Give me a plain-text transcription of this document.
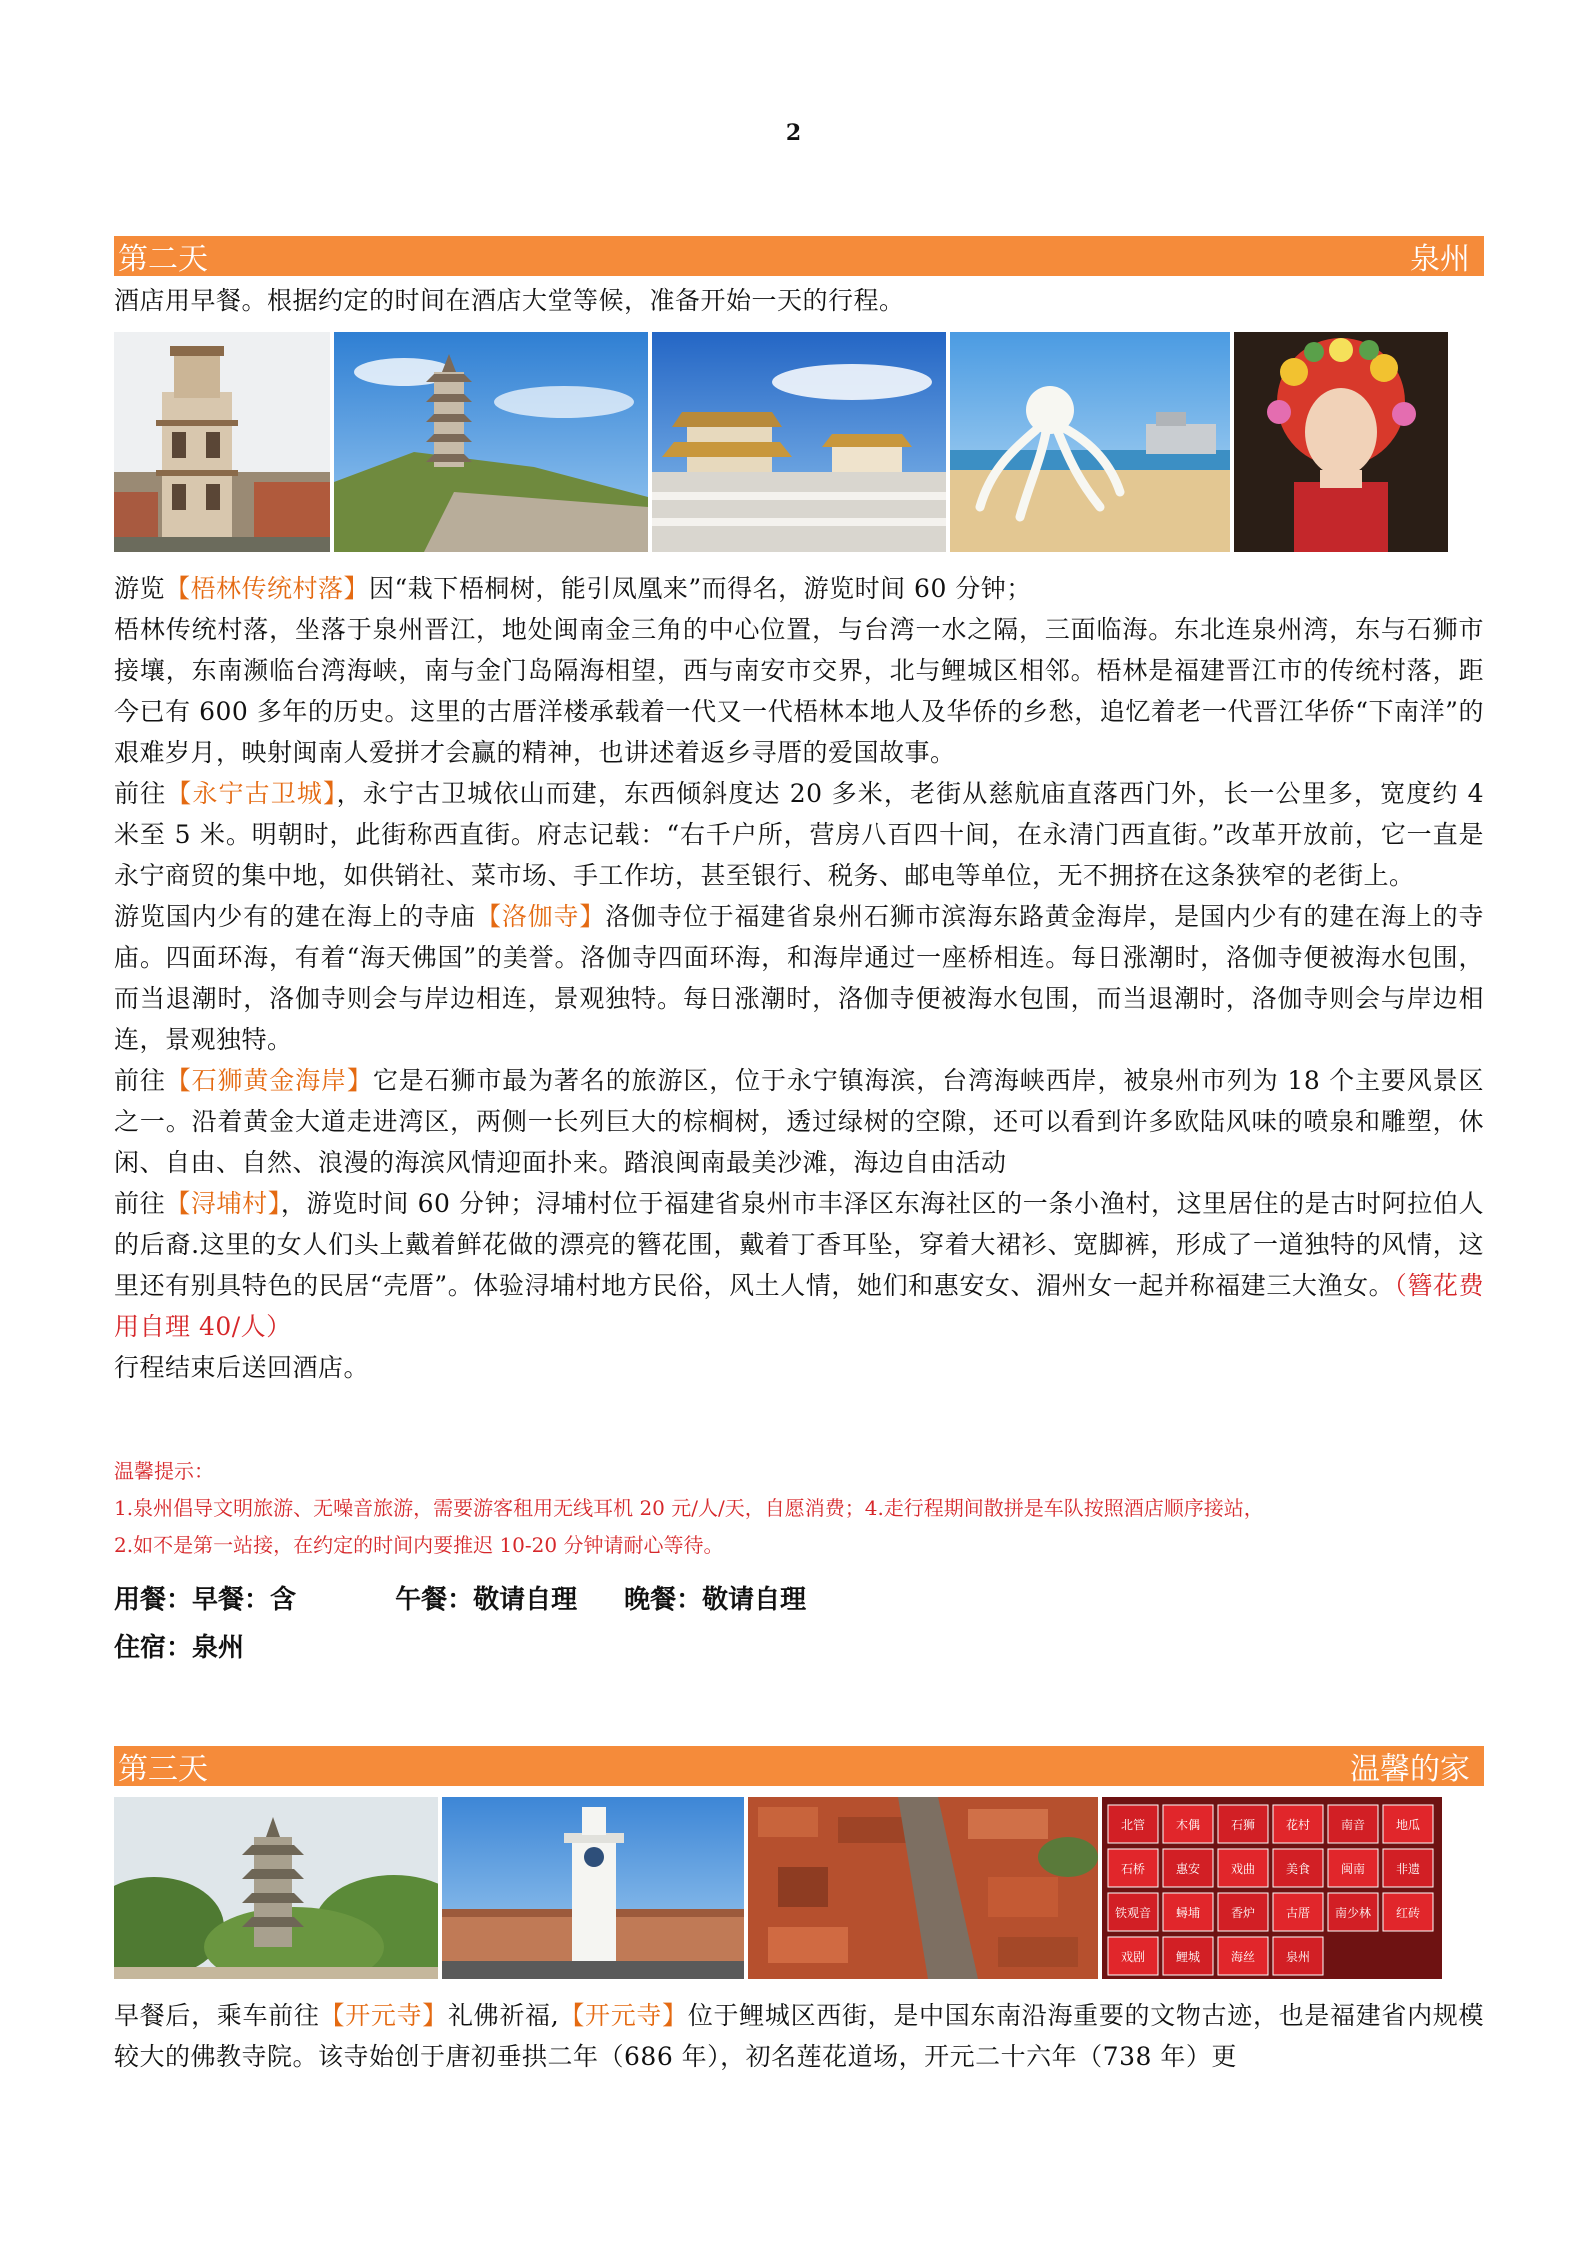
2
第二天	泉州

酒店用早餐。根据约定的时间在酒店大堂等候，准备开始一天的行程。

游览【梧林传统村落】因“栽下梧桐树，能引凤凰来”而得名，游览时间 60 分钟；

梧林传统村落，坐落于泉州晋江，地处闽南金三角的中心位置，与台湾一水之隔，三面临海。东北连泉州湾，东与石狮市接壤，东南濒临台湾海峡，南与金门岛隔海相望，西与南安市交界，北与鲤城区相邻。梧林是福建晋江市的传统村落，距今已有 600 多年的历史。这里的古厝洋楼承载着一代又一代梧林本地人及华侨的乡愁，追忆着老一代晋江华侨“下南洋”的艰难岁月，映射闽南人爱拼才会赢的精神，也讲述着返乡寻厝的爱国故事。

前往【永宁古卫城】，永宁古卫城依山而建，东西倾斜度达 20 多米，老街从慈航庙直落西门外，长一公里多，宽度约 4 米至 5 米。明朝时，此街称西直街。府志记载：“右千户所，营房八百四十间，在永清门西直街。”改革开放前，它一直是永宁商贸的集中地，如供销社、菜市场、手工作坊，甚至银行、税务、邮电等单位，无不拥挤在这条狭窄的老街上。

游览国内少有的建在海上的寺庙【洛伽寺】洛伽寺位于福建省泉州石狮市滨海东路黄金海岸，是国内少有的建在海上的寺庙。四面环海，有着“海天佛国”的美誉。洛伽寺四面环海，和海岸通过一座桥相连。每日涨潮时，洛伽寺便被海水包围，而当退潮时，洛伽寺则会与岸边相连，景观独特。每日涨潮时，洛伽寺便被海水包围，而当退潮时，洛伽寺则会与岸边相连，景观独特。

前往【石狮黄金海岸】它是石狮市最为著名的旅游区，位于永宁镇海滨，台湾海峡西岸，被泉州市列为 18 个主要风景区之一。沿着黄金大道走进湾区，两侧一长列巨大的棕榈树，透过绿树的空隙，还可以看到许多欧陆风味的喷泉和雕塑，休闲、自由、自然、浪漫的海滨风情迎面扑来。踏浪闽南最美沙滩，海边自由活动

前往【浔埔村】，游览时间 60 分钟；浔埔村位于福建省泉州市丰泽区东海社区的一条小渔村，这里居住的是古时阿拉伯人的后裔.这里的女人们头上戴着鲜花做的漂亮的簪花围，戴着丁香耳坠，穿着大裙衫、宽脚裤，形成了一道独特的风情，这里还有别具特色的民居“壳厝”。体验浔埔村地方民俗，风土人情，她们和惠安女、湄州女一起并称福建三大渔女。（簪花费用自理 40/人）

行程结束后送回酒店。

温馨提示：
1.泉州倡导文明旅游、无噪音旅游，需要游客租用无线耳机 20 元/人/天，自愿消费；4.走行程期间散拼是车队按照酒店顺序接站，
2.如不是第一站接，在约定的时间内要推迟 10-20 分钟请耐心等待。
用餐：早餐：含	午餐：敬请自理 晚餐：敬请自理
住宿：泉州
第三天	温馨的家
北管	木偶	石狮	花村	南音	地瓜
石桥	惠安	戏曲	美食	闽南	非遗
铁观音 蟳埔	香炉	古厝 南少林 红砖
戏剧	鲤城	海丝	泉州

早餐后，乘车前往【开元寺】礼佛祈福,【开元寺】位于鲤城区西街，是中国东南沿海重要的文物古迹，也是福建省内规模较大的佛教寺院。该寺始创于唐初垂拱二年（686 年），初名莲花道场，开元二十六年（738 年）更
